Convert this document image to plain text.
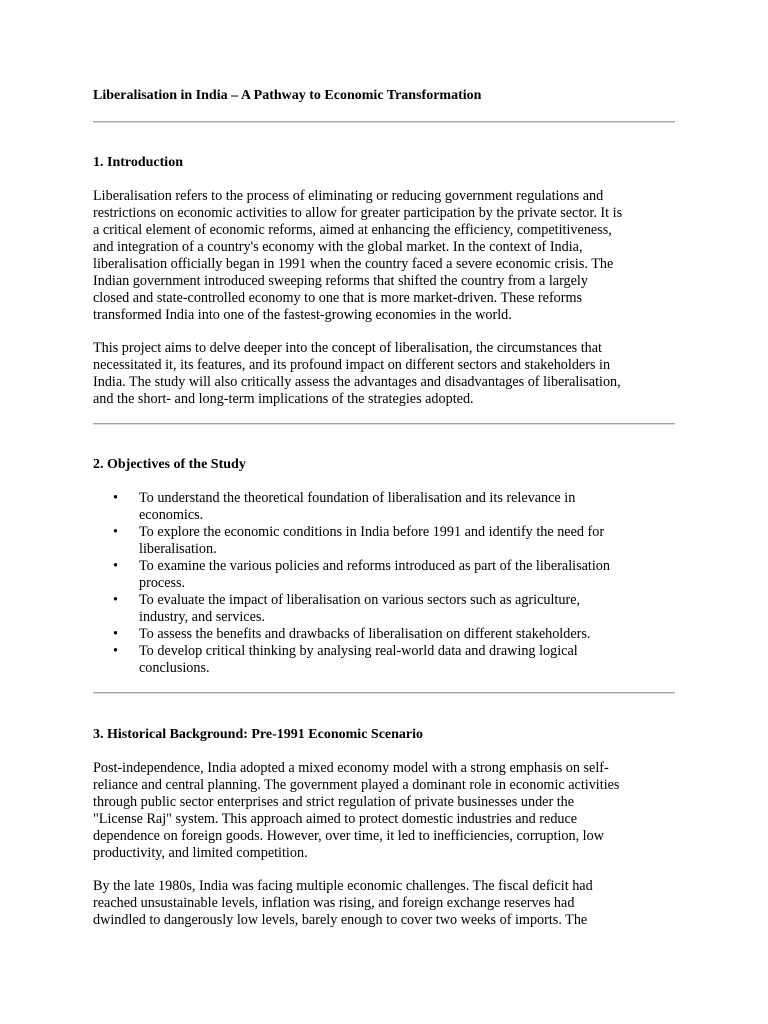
Liberalisation in India – A Pathway to Economic Transformation
1. Introduction

Liberalisation refers to the process of eliminating or reducing government regulations and
restrictions on economic activities to allow for greater participation by the private sector. It is
a critical element of economic reforms, aimed at enhancing the efficiency, competitiveness,
and integration of a country's economy with the global market. In the context of India,
liberalisation officially began in 1991 when the country faced a severe economic crisis. The
Indian government introduced sweeping reforms that shifted the country from a largely
closed and state-controlled economy to one that is more market-driven. These reforms
transformed India into one of the fastest-growing economies in the world.

This project aims to delve deeper into the concept of liberalisation, the circumstances that
necessitated it, its features, and its profound impact on different sectors and stakeholders in
India. The study will also critically assess the advantages and disadvantages of liberalisation,
and the short- and long-term implications of the strategies adopted.

2. Objectives of the Study
• To understand the theoretical foundation of liberalisation and its relevance in
economics.
• To explore the economic conditions in India before 1991 and identify the need for
liberalisation.
• To examine the various policies and reforms introduced as part of the liberalisation
process.
• To evaluate the impact of liberalisation on various sectors such as agriculture,
industry, and services.
• To assess the benefits and drawbacks of liberalisation on different stakeholders.
• To develop critical thinking by analysing real-world data and drawing logical
conclusions.
3. Historical Background: Pre-1991 Economic Scenario

Post-independence, India adopted a mixed economy model with a strong emphasis on self-
reliance and central planning. The government played a dominant role in economic activities
through public sector enterprises and strict regulation of private businesses under the
"License Raj" system. This approach aimed to protect domestic industries and reduce
dependence on foreign goods. However, over time, it led to inefficiencies, corruption, low
productivity, and limited competition.

By the late 1980s, India was facing multiple economic challenges. The fiscal deficit had
reached unsustainable levels, inflation was rising, and foreign exchange reserves had
dwindled to dangerously low levels, barely enough to cover two weeks of imports. The
